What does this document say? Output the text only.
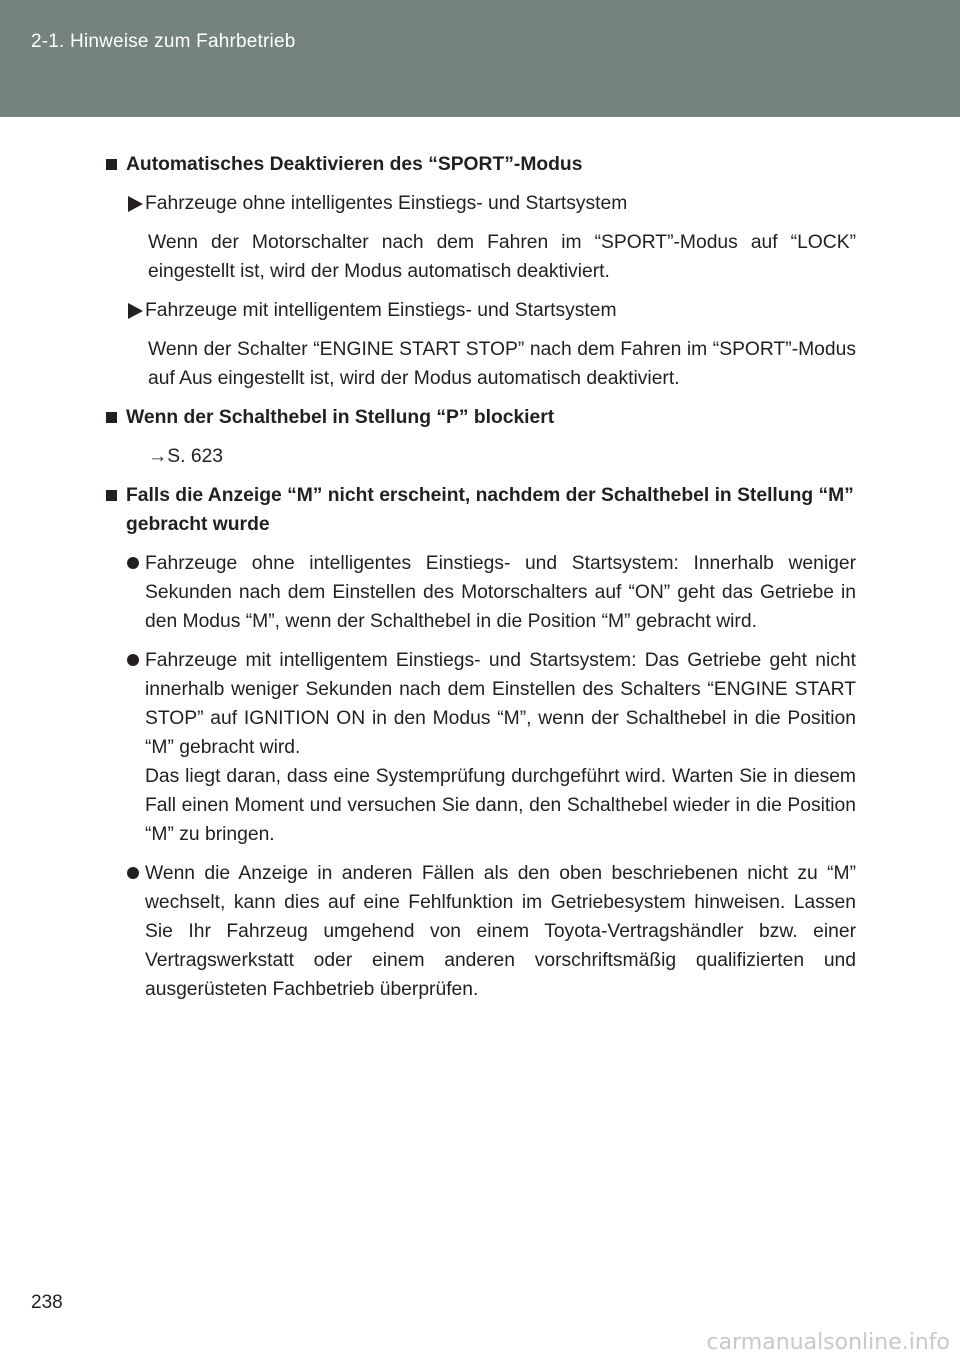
2-1. Hinweise zum Fahrbetrieb
Automatisches Deaktivieren des “SPORT”-Modus
Fahrzeuge ohne intelligentes Einstiegs- und Startsystem
Wenn der Motorschalter nach dem Fahren im “SPORT”-Modus auf “LOCK” eingestellt ist, wird der Modus automatisch deaktiviert.
Fahrzeuge mit intelligentem Einstiegs- und Startsystem
Wenn der Schalter “ENGINE START STOP” nach dem Fahren im “SPORT”-Modus auf Aus eingestellt ist, wird der Modus automatisch deaktiviert.
Wenn der Schalthebel in Stellung “P” blockiert
→S. 623
Falls die Anzeige “M” nicht erscheint, nachdem der Schalthebel in Stellung “M” gebracht wurde
Fahrzeuge ohne intelligentes Einstiegs- und Startsystem: Innerhalb weniger Sekunden nach dem Einstellen des Motorschalters auf “ON” geht das Getriebe in den Modus “M”, wenn der Schalthebel in die Position “M” gebracht wird.
Fahrzeuge mit intelligentem Einstiegs- und Startsystem: Das Getriebe geht nicht innerhalb weniger Sekunden nach dem Einstellen des Schalters “ENGINE START STOP” auf IGNITION ON in den Modus “M”, wenn der Schalthebel in die Position “M” gebracht wird.
Das liegt daran, dass eine Systemprüfung durchgeführt wird. Warten Sie in diesem Fall einen Moment und versuchen Sie dann, den Schalthebel wieder in die Position “M” zu bringen.
Wenn die Anzeige in anderen Fällen als den oben beschriebenen nicht zu “M” wechselt, kann dies auf eine Fehlfunktion im Getriebesystem hinweisen. Lassen Sie Ihr Fahrzeug umgehend von einem Toyota-Vertragshändler bzw. einer Vertragswerkstatt oder einem anderen vorschriftsmäßig qualifizierten und ausgerüsteten Fachbetrieb überprüfen.
238
carmanualsonline.info
